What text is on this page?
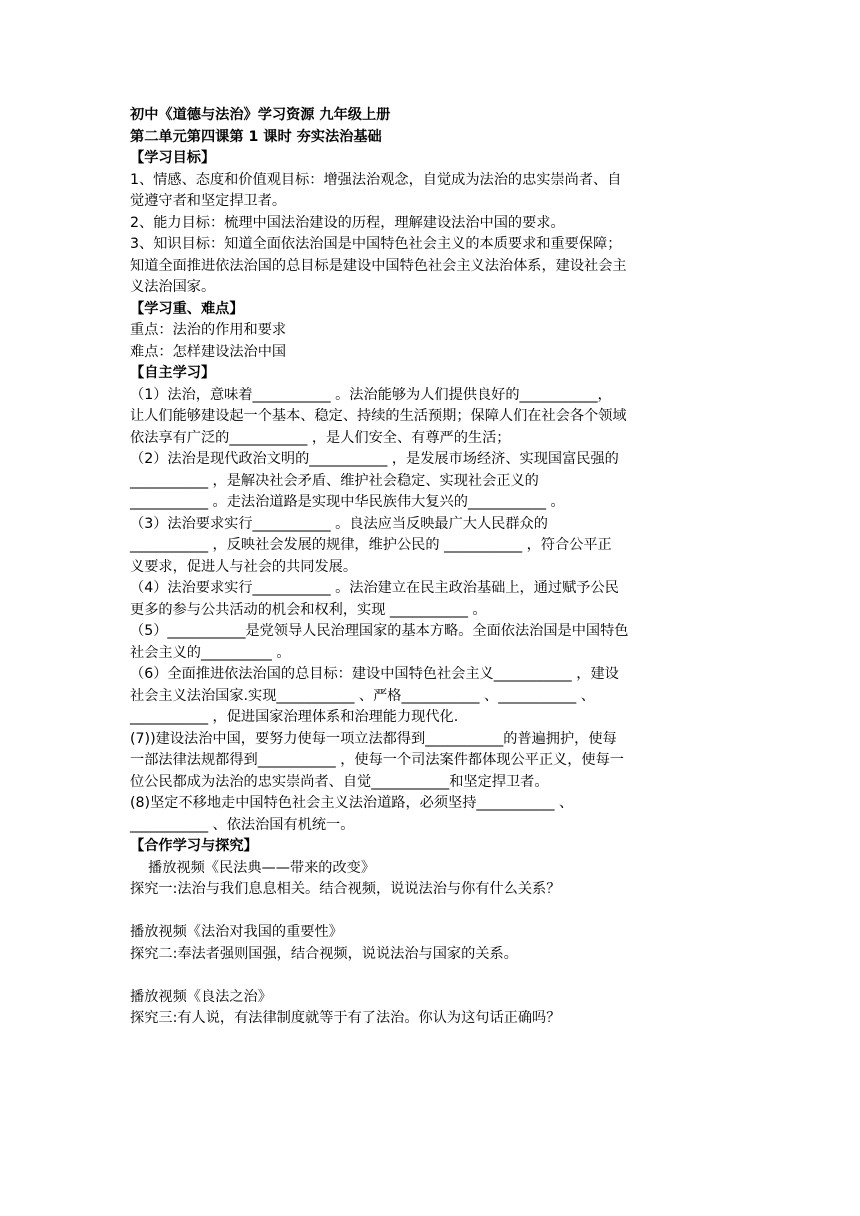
初中《道德与法治》学习资源 九年级上册
第二单元第四课第 1 课时 夯实法治基础
【学习目标】
1、情感、态度和价值观目标：增强法治观念，自觉成为法治的忠实崇尚者、自
觉遵守者和坚定捍卫者。
2、能力目标：梳理中国法治建设的历程，理解建设法治中国的要求。
3、知识目标：知道全面依法治国是中国特色社会主义的本质要求和重要保障；
知道全面推进依法治国的总目标是建设中国特色社会主义法治体系，建设社会主
义法治国家。
【学习重、难点】
重点：法治的作用和要求
难点：怎样建设法治中国
【自主学习】
（1）法治，意味着___________ 。法治能够为人们提供良好的___________，
让人们能够建设起一个基本、稳定、持续的生活预期；保障人们在社会各个领域
依法享有广泛的___________ ，是人们安全、有尊严的生活；
（2）法治是现代政治文明的___________ ，是发展市场经济、实现国富民强的
___________ ，是解决社会矛盾、维护社会稳定、实现社会正义的
___________ 。走法治道路是实现中华民族伟大复兴的___________ 。
（3）法治要求实行___________ 。良法应当反映最广大人民群众的
___________ ，反映社会发展的规律，维护公民的 ___________ ，符合公平正
义要求，促进人与社会的共同发展。
（4）法治要求实行___________ 。法治建立在民主政治基础上，通过赋予公民
更多的参与公共活动的机会和权利，实现 ___________ 。
（5）___________是党领导人民治理国家的基本方略。全面依法治国是中国特色
社会主义的__________ 。
（6）全面推进依法治国的总目标：建设中国特色社会主义___________ ，建设
社会主义法治国家.实现___________ 、严格___________ 、___________ 、
___________ ，促进国家治理体系和治理能力现代化.
(7))建设法治中国，要努力使每一项立法都得到___________的普遍拥护，使每
一部法律法规都得到___________ ，使每一个司法案件都体现公平正义，使每一
位公民都成为法治的忠实崇尚者、自觉___________和坚定捍卫者。
(8)坚定不移地走中国特色社会主义法治道路，必须坚持___________ 、
___________ 、依法治国有机统一。
【合作学习与探究】
播放视频《民法典——带来的改变》
探究一:法治与我们息息相关。结合视频，说说法治与你有什么关系？
播放视频《法治对我国的重要性》
探究二:奉法者强则国强，结合视频，说说法治与国家的关系。
播放视频《良法之治》
探究三:有人说，有法律制度就等于有了法治。你认为这句话正确吗？
